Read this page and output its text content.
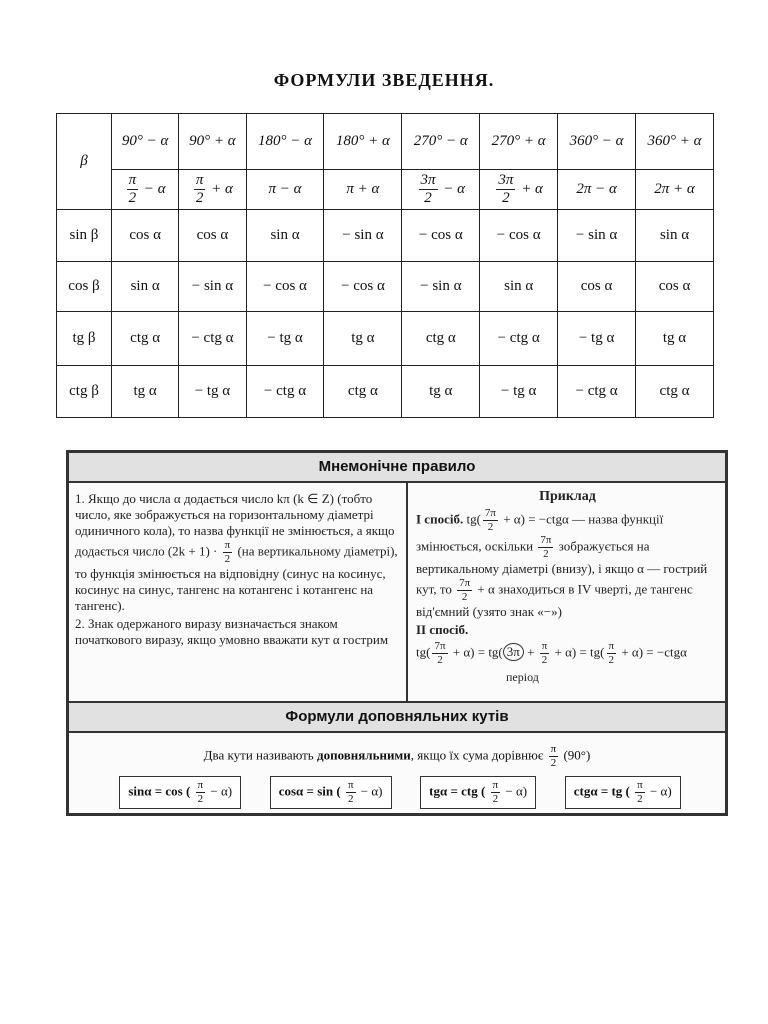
ФОРМУЛИ ЗВЕДЕННЯ.
β	90° − α	90° + α	180° − α	180° + α	270° − α	270° + α	360° − α	360° + α

	$\frac{\pi}{2} - \alpha$	$\frac{\pi}{2} + \alpha$	π − α	π + α	$\frac{3\pi}{2} - \alpha$	$\frac{3\pi}{2} + \alpha$	2π − α	2π + α
sin β	cos α	cos α	sin α	− sin α	− cos α	− cos α	− sin α	sin α
cos β	sin α	− sin α	− cos α	− cos α	− sin α	sin α	cos α	cos α
tg β	ctg α	− ctg α	− tg α	tg α	ctg α	− ctg α	− tg α	tg α
ctg β	tg α	− tg α	− ctg α	ctg α	tg α	− tg α	− ctg α	ctg α
Мнемонічне правило
1. Якщо до числа α додається число kπ (k ∈ Z) (тобто число, яке зображується на горизонтальному діаметрі одиничного кола), то назва функції не змінюється, а якщо додається число $(2k + 1) \cdot \frac{\pi}{2} (на$ вертикальному діаметрі), то функція змінюється на відповідну (синус на косинус, косинус на синус, тангенс на котангенс і котангенс на тангенс).
2. Знак одержаного виразу визначається знаком початкового виразу, якщо умовно вважати кут α гострим
Приклад
I спосіб. $tg( \frac{7\pi}{2} + \alpha) = -ctg\alpha$ — назва функції змінюється, оскільки $\frac{7\pi}{2}$ зображується на вертикальному діаметрі (внизу), і якщо α — гострий кут, то $\frac{7\pi}{2} + \alpha$ знаходиться в IV чверті, де тангенс від'ємний (узято знак «−»)
II спосіб.
$tg( \frac{7\pi}{2} + \alpha) = tg$( $3\pi + \frac{\pi}{2} + \alpha) = tg( \frac{\pi}{2} + \alpha) = -ctg\alpha$
період
Формули доповняльних кутів
Два кути називають доповняльними, якщо їх сума дорівнює $\frac{\pi}{2} (90^\circ)$
sinα = cos ( $\frac{\pi}{2} - \alpha$)	cosα = sin ( $\frac{\pi}{2} - \alpha$)	tgα = ctg ( $\frac{\pi}{2} - \alpha$)	ctgα = tg ( $\frac{\pi}{2} - \alpha$)
